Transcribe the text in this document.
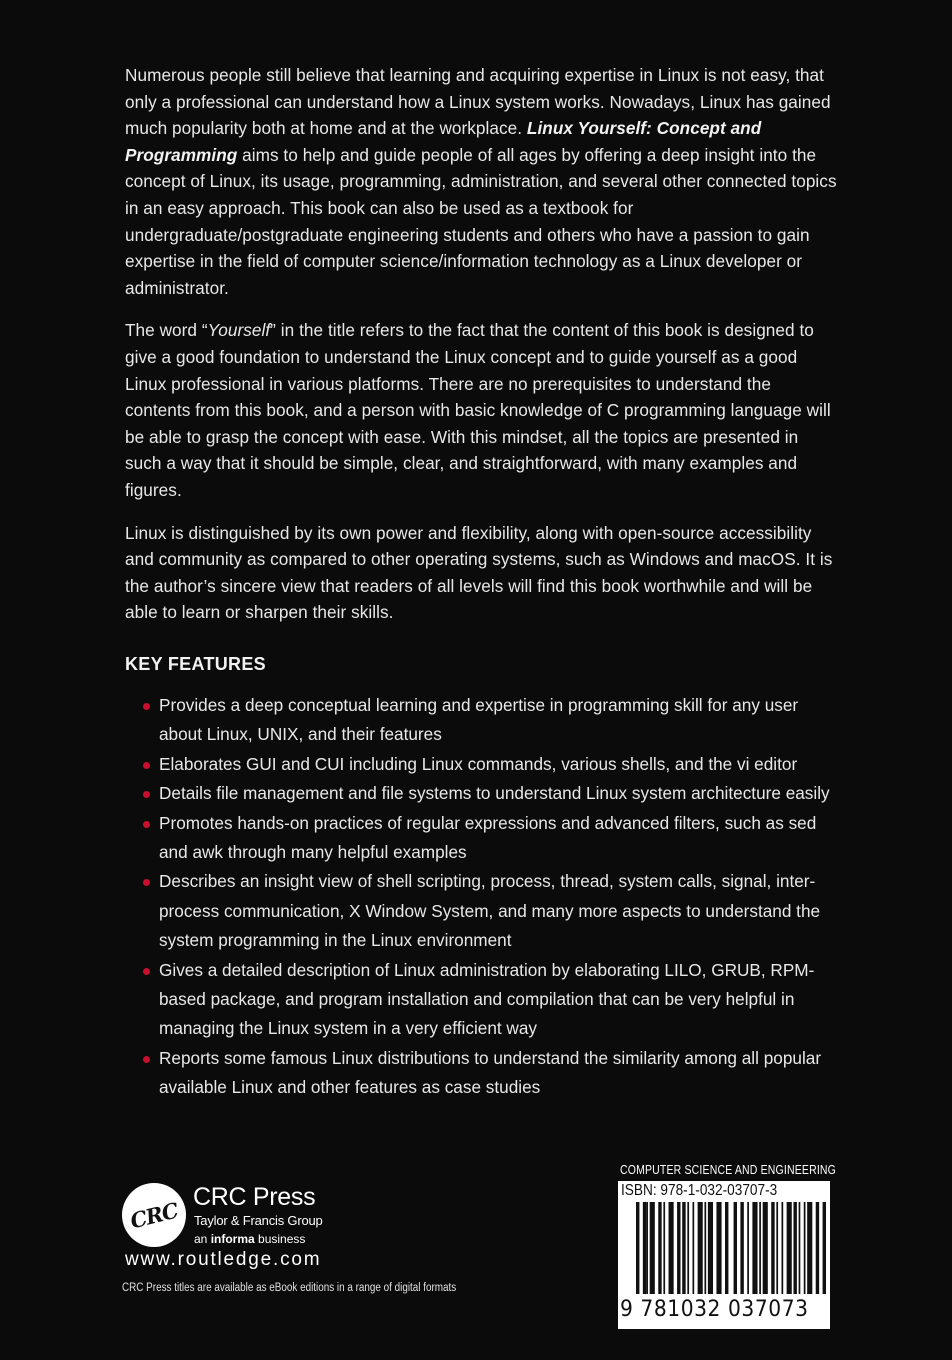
Numerous people still believe that learning and acquiring expertise in Linux is not easy, that only a professional can understand how a Linux system works. Nowadays, Linux has gained much popularity both at home and at the workplace. Linux Yourself: Concept and Programming aims to help and guide people of all ages by offering a deep insight into the concept of Linux, its usage, programming, administration, and several other connected topics in an easy approach. This book can also be used as a textbook for undergraduate/postgraduate engineering students and others who have a passion to gain expertise in the field of computer science/information technology as a Linux developer or administrator.

The word “Yourself” in the title refers to the fact that the content of this book is designed to give a good foundation to understand the Linux concept and to guide yourself as a good Linux professional in various platforms. There are no prerequisites to understand the contents from this book, and a person with basic knowledge of C programming language will be able to grasp the concept with ease. With this mindset, all the topics are presented in such a way that it should be simple, clear, and straightforward, with many examples and figures.

Linux is distinguished by its own power and flexibility, along with open-source accessibility and community as compared to other operating systems, such as Windows and macOS. It is the author’s sincere view that readers of all levels will find this book worthwhile and will be able to learn or sharpen their skills.

KEY FEATURES
Provides a deep conceptual learning and expertise in programming skill for any user about Linux, UNIX, and their features
Elaborates GUI and CUI including Linux commands, various shells, and the vi editor
Details file management and file systems to understand Linux system architecture easily
Promotes hands-on practices of regular expressions and advanced filters, such as sed and awk through many helpful examples
Describes an insight view of shell scripting, process, thread, system calls, signal, inter-process communication, X Window System, and many more aspects to understand the system programming in the Linux environment
Gives a detailed description of Linux administration by elaborating LILO, GRUB, RPM-based package, and program installation and compilation that can be very helpful in managing the Linux system in a very efficient way
Reports some famous Linux distributions to understand the similarity among all popular available Linux and other features as case studies
CRC
CRC Press
Taylor & Francis Group
an informa business
www.routledge.com
CRC Press titles are available as eBook editions in a range of digital formats
COMPUTER SCIENCE AND ENGINEERING
ISBN: 978-1-032-03707-3
9 781032 037073
